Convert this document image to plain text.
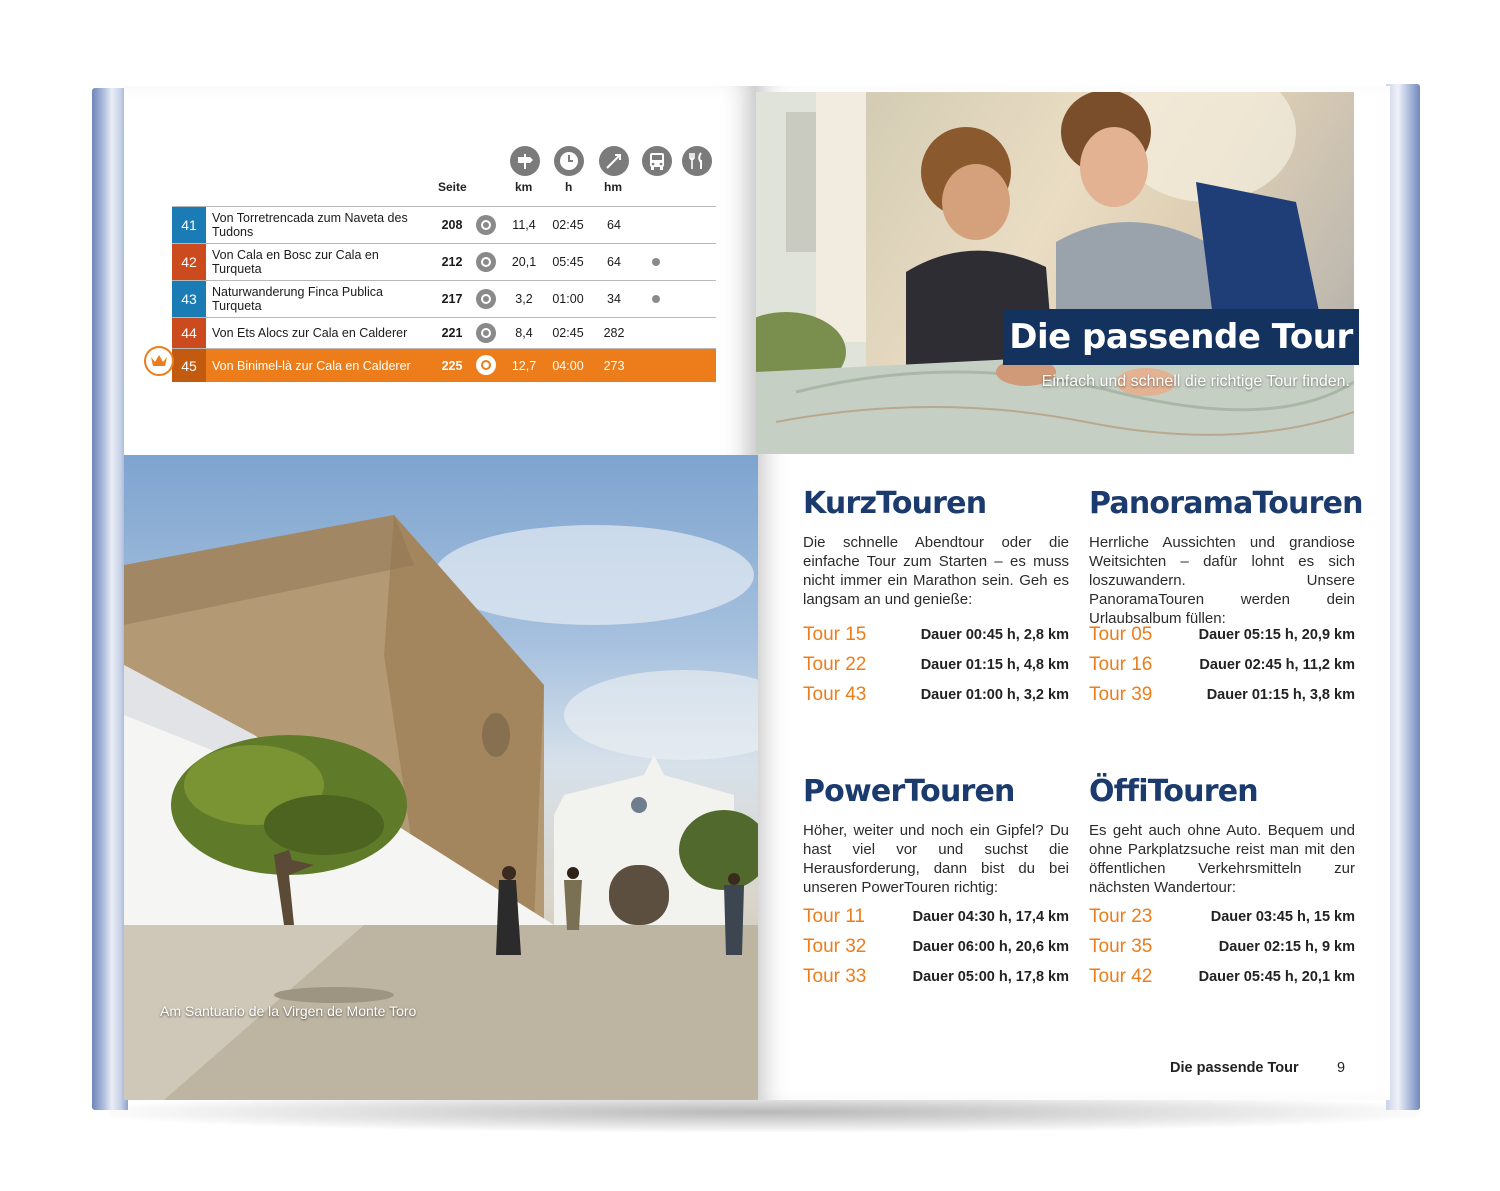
Seite	km	h	hm
41	Von Torretrencada zum Naveta des Tudons	208	11,4	02:45	64
42	Von Cala en Bosc zur Cala en Turqueta	212	20,1	05:45	64
43	Naturwanderung Finca Publica Turqueta	217	3,2	01:00	34
44	Von Ets Alocs zur Cala en Calderer	221	8,4	02:45	282
45	Von Binimel-là zur Cala en Calderer	225	12,7	04:00	273
Am Santuario de la Virgen de Monte Toro
Die passende Tour
Einfach und schnell die richtige Tour finden.
KurzTouren

Die schnelle Abendtour oder die einfache Tour zum Starten – es muss nicht immer ein Marathon sein. Geh es langsam an und genieße:

Tour 15	Dauer 00:45 h, 2,8 km
Tour 22	Dauer 01:15 h, 4,8 km
Tour 43	Dauer 01:00 h, 3,2 km
PanoramaTouren

Herrliche Aussichten und grandiose Weitsichten – dafür lohnt es sich loszuwandern. Unsere PanoramaTouren werden dein Urlaubsalbum füllen:

Tour 05	Dauer 05:15 h, 20,9 km
Tour 16	Dauer 02:45 h, 11,2 km
Tour 39	Dauer 01:15 h, 3,8 km
PowerTouren

Höher, weiter und noch ein Gipfel? Du hast viel vor und suchst die Herausforderung, dann bist du bei unseren PowerTouren richtig:

Tour 11	Dauer 04:30 h, 17,4 km
Tour 32	Dauer 06:00 h, 20,6 km
Tour 33	Dauer 05:00 h, 17,8 km
ÖffiTouren

Es geht auch ohne Auto. Bequem und ohne Parkplatzsuche reist man mit den öffentlichen Verkehrsmitteln zur nächsten Wandertour:

Tour 23	Dauer 03:45 h, 15 km
Tour 35	Dauer 02:15 h, 9 km
Tour 42	Dauer 05:45 h, 20,1 km
Die passende Tour	9
